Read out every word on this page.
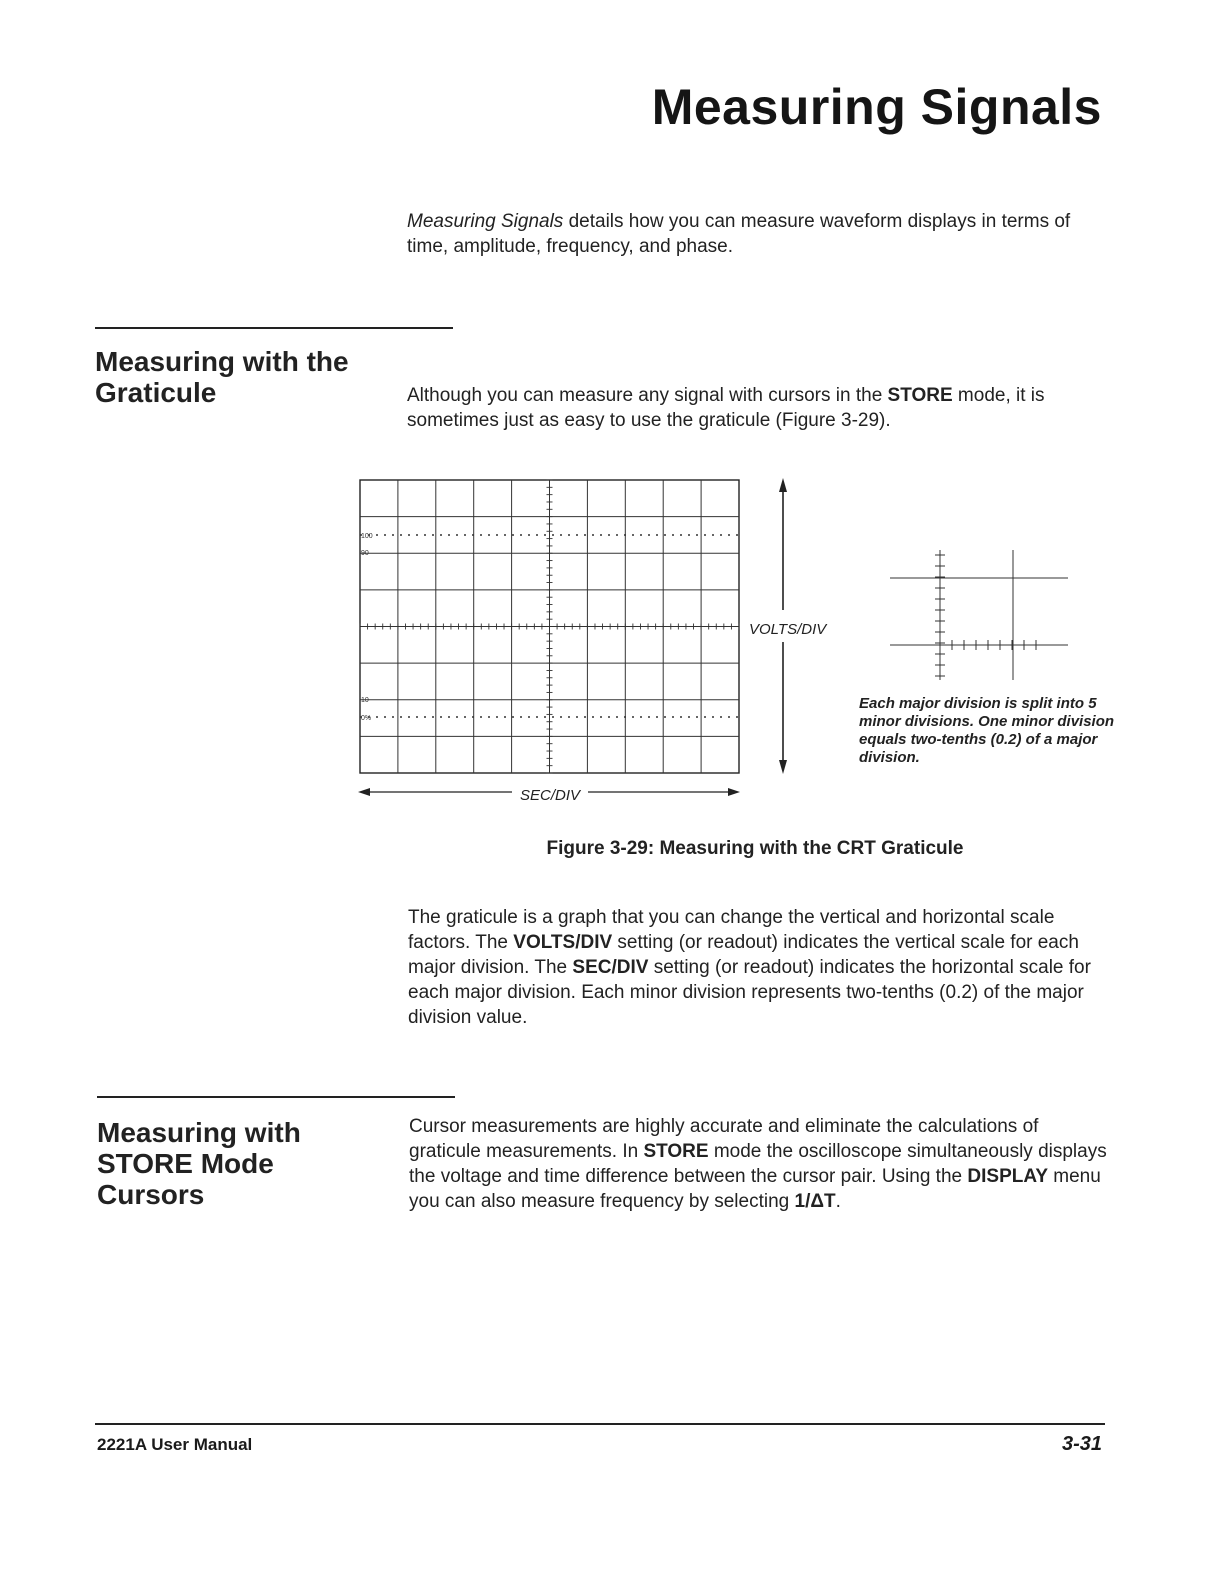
Measuring Signals

Measuring Signals details how you can measure waveform displays in terms of time, amplitude, frequency, and phase.

Measuring with the
Graticule	Although you can measure any signal with cursors in the STORE mode, it is sometimes just as easy to use the graticule (Figure 3-29).

100
90
10
0%
SEC/DIV
VOLTS/DIV
Each major division is split into 5 minor divisions. One minor division equals two-tenths (0.2) of a major division.
Figure 3-29: Measuring with the CRT Graticule

The graticule is a graph that you can change the vertical and horizontal scale factors. The VOLTS/DIV setting (or readout) indicates the vertical scale for each major division. The SEC/DIV setting (or readout) indicates the horizontal scale for each major division. Each minor division represents two-tenths (0.2) of the major division value.

Measuring with
STORE Mode
Cursors

Cursor measurements are highly accurate and eliminate the calculations of graticule measurements. In STORE mode the oscilloscope simultaneously displays the voltage and time difference between the cursor pair. Using the DISPLAY menu you can also measure frequency by selecting 1/ΔT.

2221A User Manual	3-31
